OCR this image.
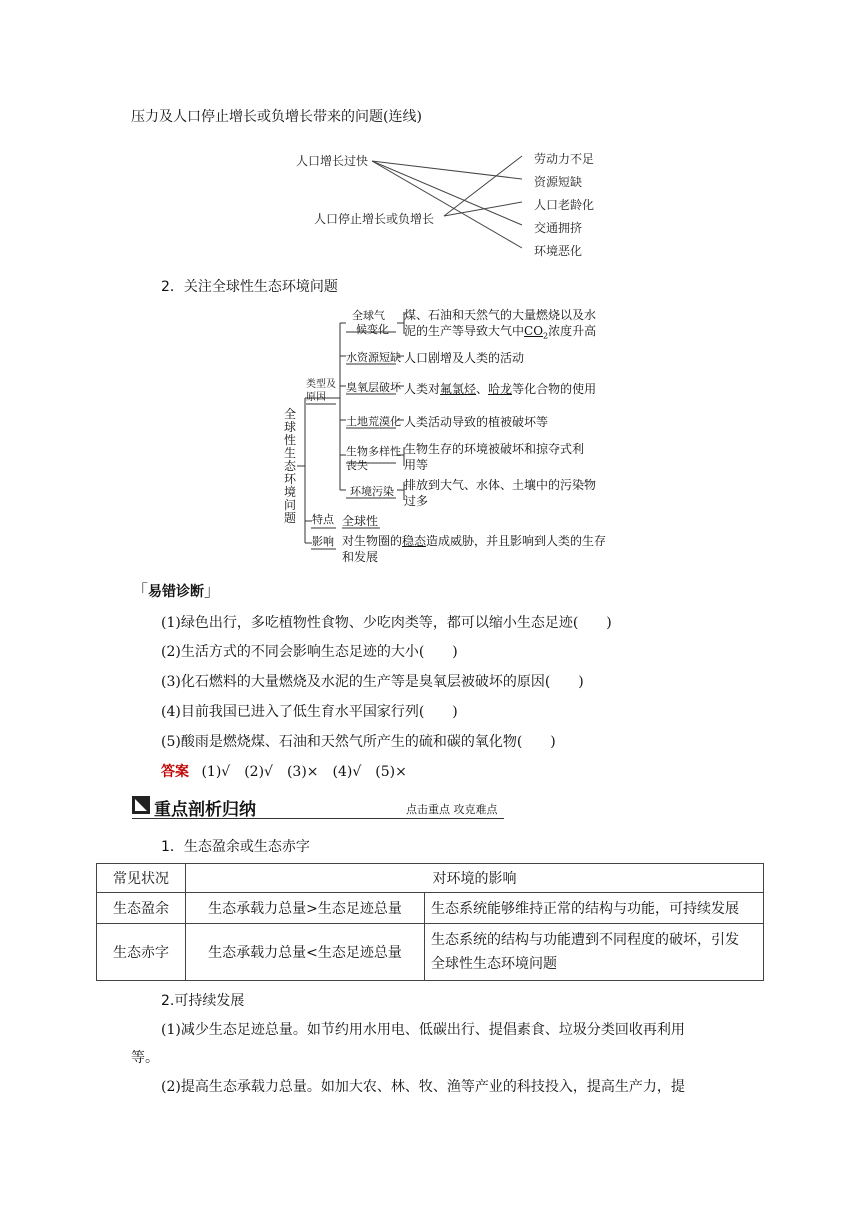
压力及人口停止增长或负增长带来的问题(连线)
人口增长过快
人口停止增长或负增长
劳动力不足
资源短缺
人口老龄化
交通拥挤
环境恶化
2．关注全球性生态环境问题
全
球
性
生
态
环
境
问
题
类型及原因
全球气
候变化
水资源短缺
臭氧层破坏
土地荒漠化
生物多样性
丧失
环境污染
煤、石油和天然气的大量燃烧以及水
泥的生产等导致大气中$CO_2$浓度升高
人口剧增及人类的活动
人类对氟氯烃、哈龙等化合物的使用
人类活动导致的植被破坏等
生物生存的环境被破坏和掠夺式利
用等
排放到大气、水体、土壤中的污染物
过多
特点 全球性
影响 对生物圈的稳态造成威胁，并且影响到人类的生存
和发展
「易错诊断」
(1)绿色出行，多吃植物性食物、少吃肉类等，都可以缩小生态足迹(　　)
(2)生活方式的不同会影响生态足迹的大小(　　)
(3)化石燃料的大量燃烧及水泥的生产等是臭氧层被破坏的原因(　　)
(4)目前我国已进入了低生育水平国家行列(　　)
(5)酸雨是燃烧煤、石油和天然气所产生的硫和碳的氧化物(　　)
答案 (1)√　(2)√　(3)×　(4)√　(5)×
重点剖析归纳	点击重点 攻克难点
1．生态盈余或生态赤字
常见状况	对环境的影响	
生态盈余	生态承载力总量>生态足迹总量	生态系统能够维持正常的结构与功能，可持续发展
生态赤字	生态承载力总量<生态足迹总量	生态系统的结构与功能遭到不同程度的破坏，引发
全球性生态环境问题
2.可持续发展
(1)减少生态足迹总量。如节约用水用电、低碳出行、提倡素食、垃圾分类回收再利用
等。
(2)提高生态承载力总量。如加大农、林、牧、渔等产业的科技投入，提高生产力，提
